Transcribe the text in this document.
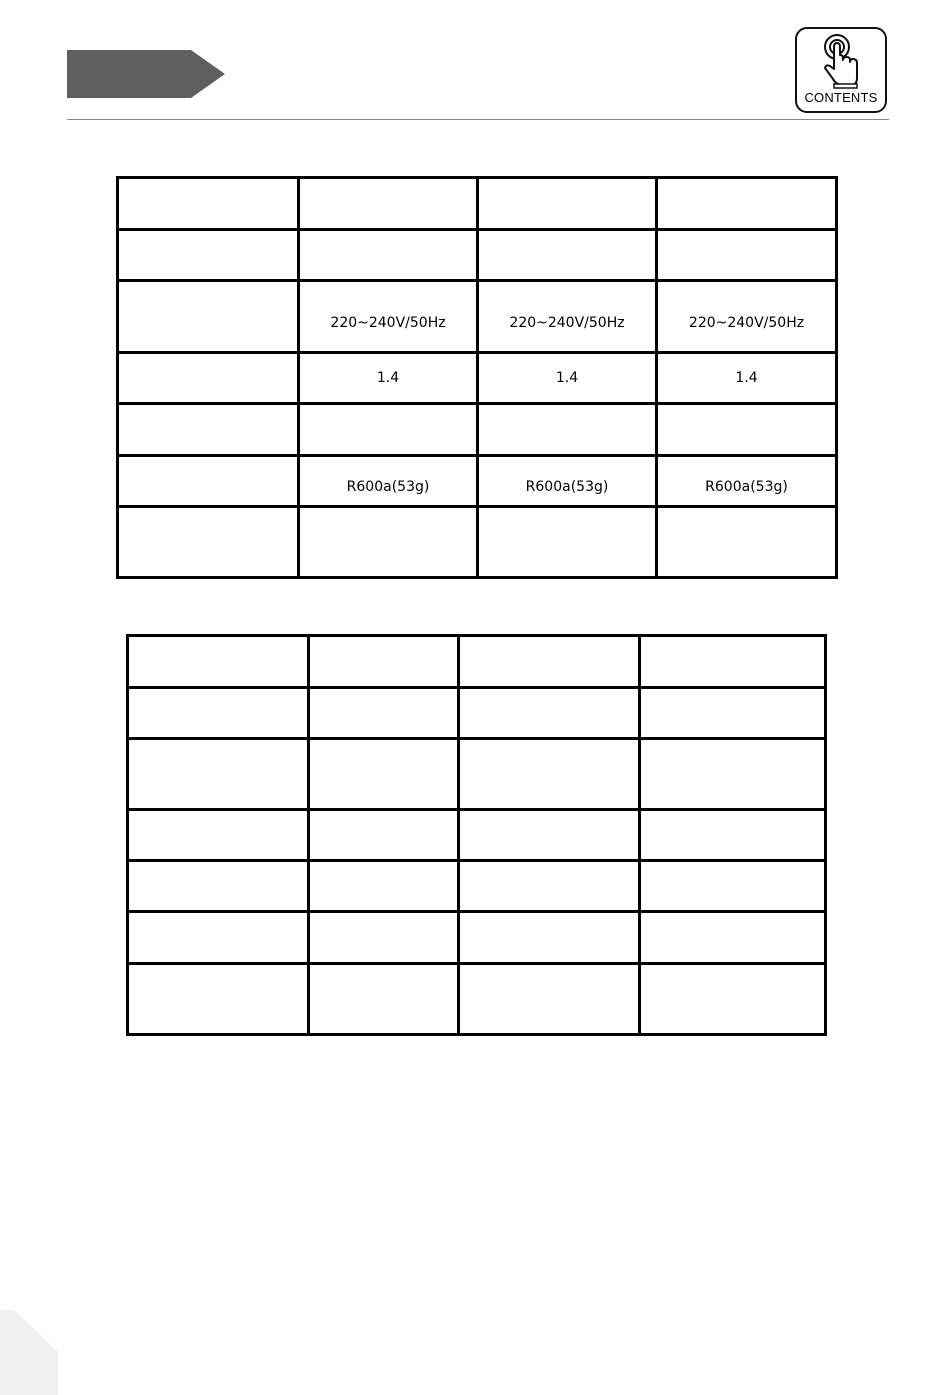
CONTENTS

	220~240V/50Hz	220~240V/50Hz	220~240V/50Hz
	1.4	1.4	1.4

	R600a(53g)	R600a(53g)	R600a(53g)
